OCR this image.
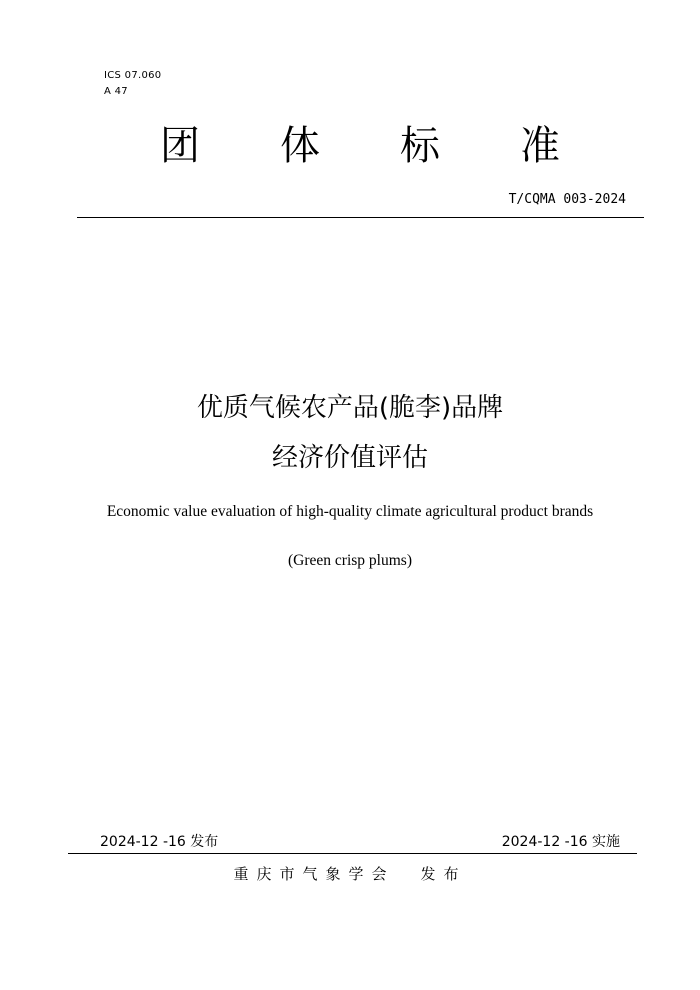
ICS 07.060
A 47
团 体 标 准
T/CQMA 003-2024
优质气候农产品(脆李)品牌
经济价值评估
Economic value evaluation of high-quality climate agricultural product brands
(Green crisp plums)
2024-12 -16 发布	2024-12 -16 实施
重庆市气象学会 发布
